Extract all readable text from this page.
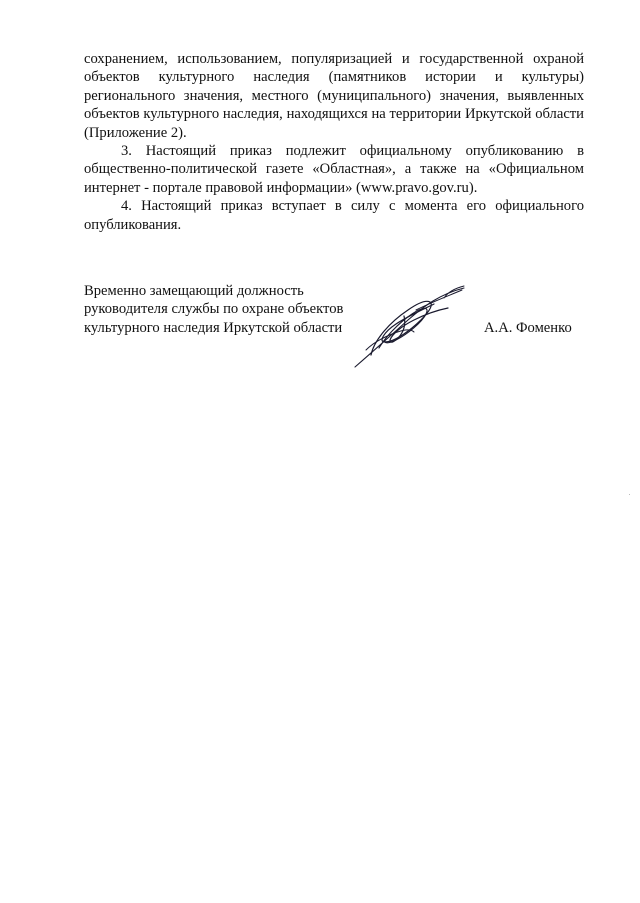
сохранением, использованием, популяризацией и государственной охраной объектов культурного наследия (памятников истории и культуры) регионального значения, местного (муниципального) значения, выявленных объектов культурного наследия, находящихся на территории Иркутской области (Приложение 2).

3. Настоящий приказ подлежит официальному опубликованию в общественно-политической газете «Областная», а также на «Официальном интернет - портале правовой информации» (www.pravo.gov.ru).

4. Настоящий приказ вступает в силу с момента его официального опубликования.

Временно замещающий должность
руководителя службы по охране объектов
культурного наследия Иркутской области	А.А. Фоменко
